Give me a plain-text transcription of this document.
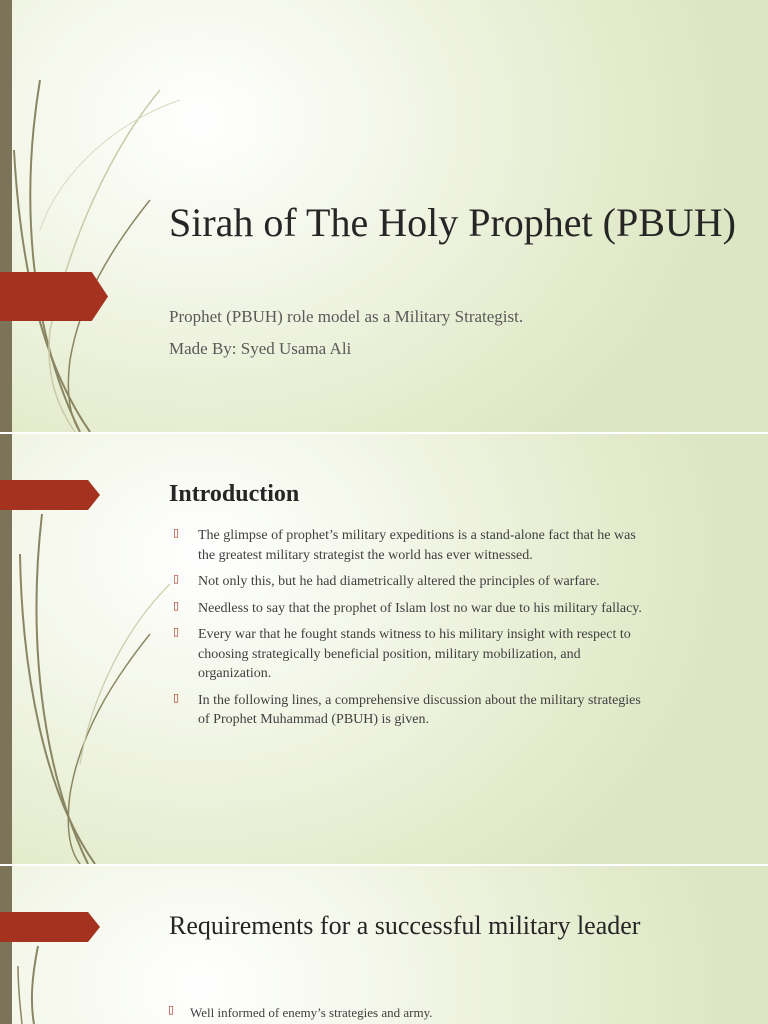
Sirah of The Holy Prophet (PBUH)

Prophet (PBUH) role model as a Military Strategist.

Made By: Syed Usama Ali

Introduction
▯ The glimpse of prophet’s military expeditions is a stand-alone fact that he was the greatest military strategist the world has ever witnessed.
▯ Not only this, but he had diametrically altered the principles of warfare.
▯ Needless to say that the prophet of Islam lost no war due to his military fallacy.
▯ Every war that he fought stands witness to his military insight with respect to choosing strategically beneficial position, military mobilization, and organization.
▯ In the following lines, a comprehensive discussion about the military strategies of Prophet Muhammad (PBUH) is given.
Requirements for a successful military leader
▯ Well informed of enemy’s strategies and army.
